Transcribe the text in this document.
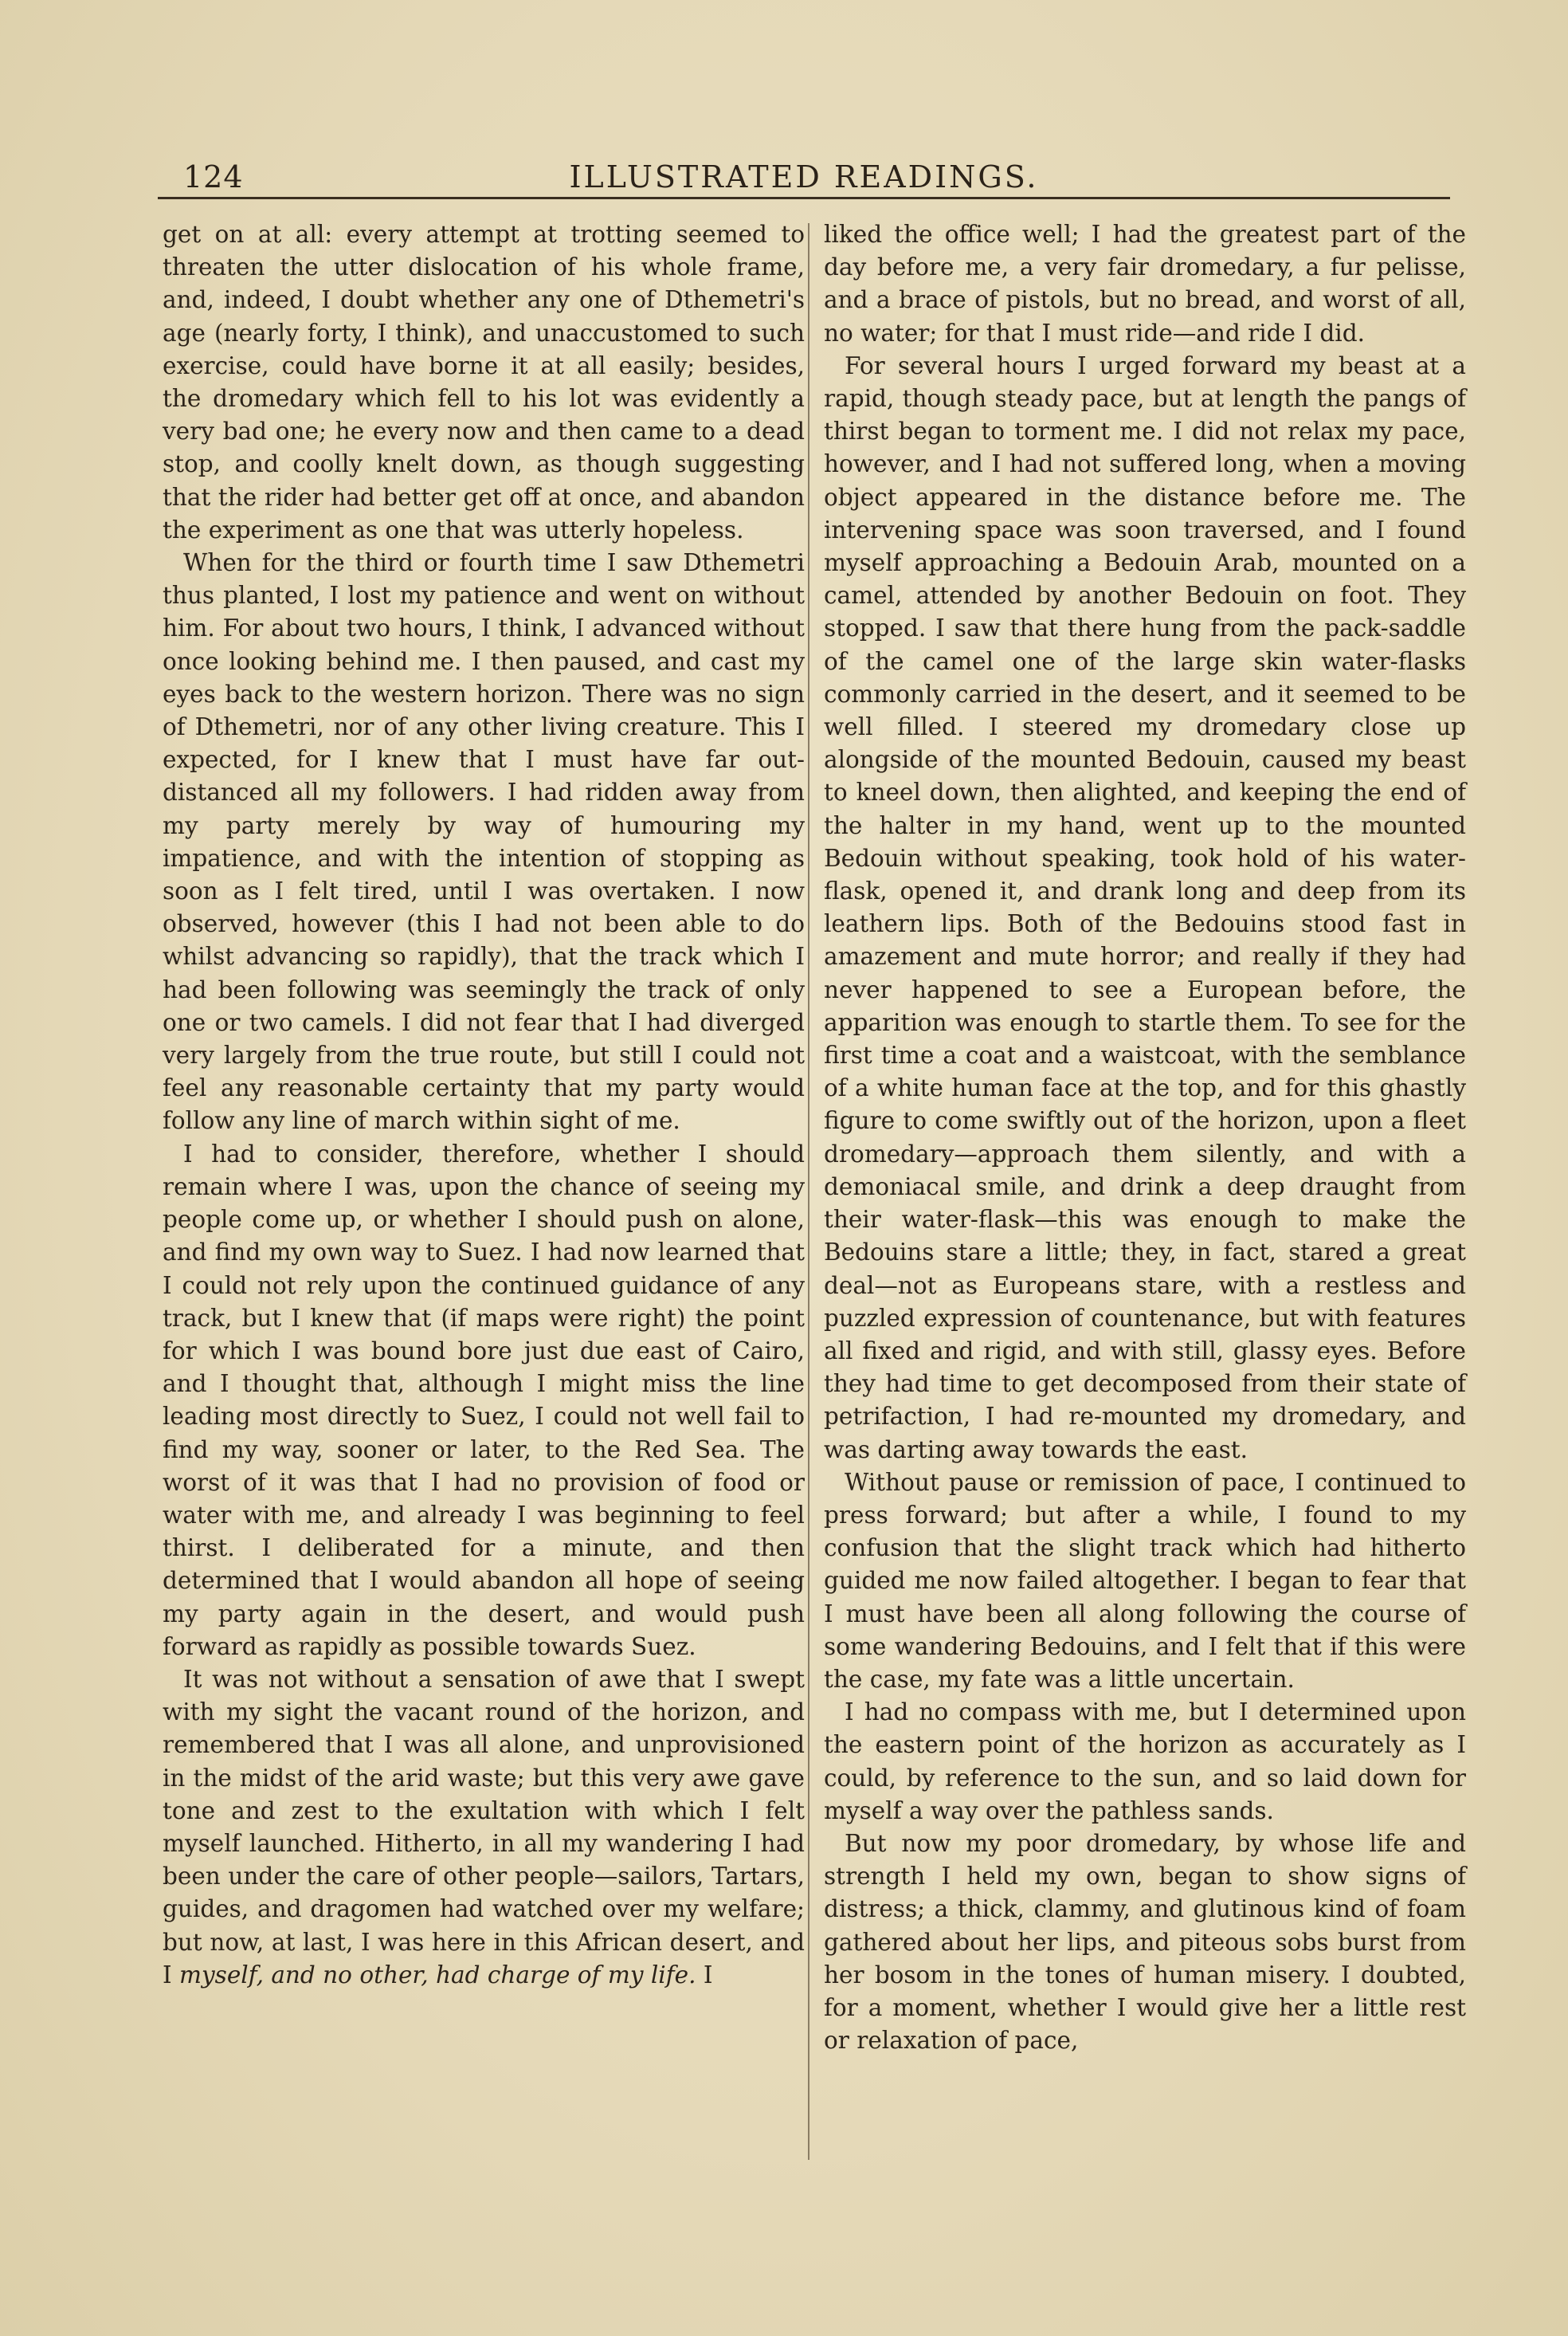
124	ILLUSTRATED READINGS.

get on at all: every attempt at trotting seemed to threaten the utter dislocation of his whole frame, and, indeed, I doubt whether any one of Dthemetri's age (nearly forty, I think), and unaccustomed to such exercise, could have borne it at all easily; besides, the dromedary which fell to his lot was evidently a very bad one; he every now and then came to a dead stop, and coolly knelt down, as though suggesting that the rider had better get off at once, and abandon the experiment as one that was utterly hopeless.

When for the third or fourth time I saw Dthemetri thus planted, I lost my patience and went on without him. For about two hours, I think, I advanced without once looking behind me. I then paused, and cast my eyes back to the western horizon. There was no sign of Dthemetri, nor of any other living creature. This I expected, for I knew that I must have far out-distanced all my followers. I had ridden away from my party merely by way of humouring my impatience, and with the intention of stopping as soon as I felt tired, until I was overtaken. I now observed, however (this I had not been able to do whilst advancing so rapidly), that the track which I had been following was seemingly the track of only one or two camels. I did not fear that I had diverged very largely from the true route, but still I could not feel any reasonable certainty that my party would follow any line of march within sight of me.

I had to consider, therefore, whether I should remain where I was, upon the chance of seeing my people come up, or whether I should push on alone, and find my own way to Suez. I had now learned that I could not rely upon the continued guidance of any track, but I knew that (if maps were right) the point for which I was bound bore just due east of Cairo, and I thought that, although I might miss the line leading most directly to Suez, I could not well fail to find my way, sooner or later, to the Red Sea. The worst of it was that I had no provision of food or water with me, and already I was beginning to feel thirst. I deliberated for a minute, and then determined that I would abandon all hope of seeing my party again in the desert, and would push forward as rapidly as possible towards Suez.

It was not without a sensation of awe that I swept with my sight the vacant round of the horizon, and remembered that I was all alone, and unprovisioned in the midst of the arid waste; but this very awe gave tone and zest to the exultation with which I felt myself launched. Hitherto, in all my wandering I had been under the care of other people—sailors, Tartars, guides, and dragomen had watched over my welfare; but now, at last, I was here in this African desert, and I myself, and no other, had charge of my life. I

liked the office well; I had the greatest part of the day before me, a very fair dromedary, a fur pelisse, and a brace of pistols, but no bread, and worst of all, no water; for that I must ride—and ride I did.

For several hours I urged forward my beast at a rapid, though steady pace, but at length the pangs of thirst began to torment me. I did not relax my pace, however, and I had not suffered long, when a moving object appeared in the distance before me. The intervening space was soon traversed, and I found myself approaching a Bedouin Arab, mounted on a camel, attended by another Bedouin on foot. They stopped. I saw that there hung from the pack-saddle of the camel one of the large skin water-flasks commonly carried in the desert, and it seemed to be well filled. I steered my dromedary close up alongside of the mounted Bedouin, caused my beast to kneel down, then alighted, and keeping the end of the halter in my hand, went up to the mounted Bedouin without speaking, took hold of his water-flask, opened it, and drank long and deep from its leathern lips. Both of the Bedouins stood fast in amazement and mute horror; and really if they had never happened to see a European before, the apparition was enough to startle them. To see for the first time a coat and a waistcoat, with the semblance of a white human face at the top, and for this ghastly figure to come swiftly out of the horizon, upon a fleet dromedary—approach them silently, and with a demoniacal smile, and drink a deep draught from their water-flask—this was enough to make the Bedouins stare a little; they, in fact, stared a great deal—not as Europeans stare, with a restless and puzzled expression of countenance, but with features all fixed and rigid, and with still, glassy eyes. Before they had time to get decomposed from their state of petrifaction, I had re-mounted my dromedary, and was darting away towards the east.

Without pause or remission of pace, I continued to press forward; but after a while, I found to my confusion that the slight track which had hitherto guided me now failed altogether. I began to fear that I must have been all along following the course of some wandering Bedouins, and I felt that if this were the case, my fate was a little uncertain.

I had no compass with me, but I determined upon the eastern point of the horizon as accurately as I could, by reference to the sun, and so laid down for myself a way over the pathless sands.

But now my poor dromedary, by whose life and strength I held my own, began to show signs of distress; a thick, clammy, and glutinous kind of foam gathered about her lips, and piteous sobs burst from her bosom in the tones of human misery. I doubted, for a moment, whether I would give her a little rest or relaxation of pace,
